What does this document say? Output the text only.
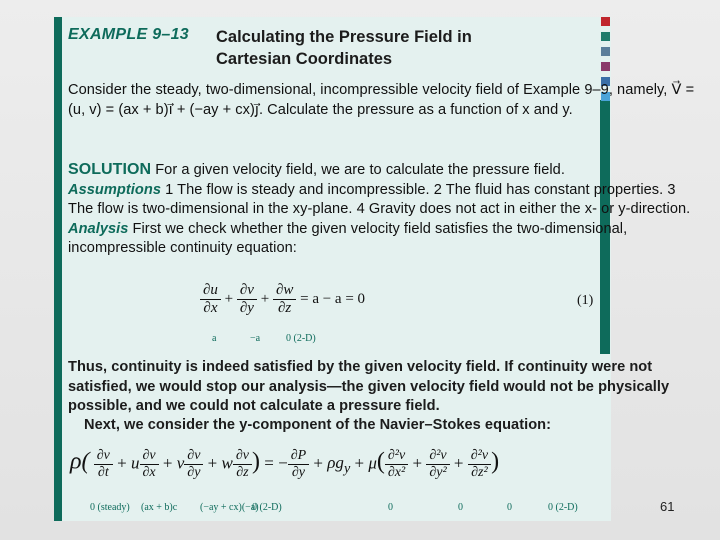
EXAMPLE 9–13 Calculating the Pressure Field in Cartesian Coordinates
Consider the steady, two-dimensional, incompressible velocity field of Example 9–9, namely, V⃗ = (u, v) = (ax + b)i⃗ + (−ay + cx)j⃗. Calculate the pressure as a function of x and y.
SOLUTION For a given velocity field, we are to calculate the pressure field.
Assumptions 1 The flow is steady and incompressible. 2 The fluid has constant properties. 3 The flow is two-dimensional in the xy-plane. 4 Gravity does not act in either the x- or y-direction.
Analysis First we check whether the given velocity field satisfies the two-dimensional, incompressible continuity equation:
$\frac{\partial u}{\partial x} + \frac{\partial v}{\partial y} + \frac{\partial w}{\partial z} = a - a = 0$	(1)
a	−a	0 (2-D)
Thus, continuity is indeed satisfied by the given velocity field. If continuity were not satisfied, we would stop our analysis—the given velocity field would not be physically possible, and we could not calculate a pressure field.
Next, we consider the y-component of the Navier–Stokes equation:
$\rho( \frac{\partial v}{\partial t} + u \frac{\partial v}{\partial x} + v \frac{\partial v}{\partial y} + w \frac{\partial v}{\partial z}$ ) = − $\frac{\partial P}{\partial y} + \rho g_y + \mu( \frac{\text{∂²v}}{\text{∂x²}} + \frac{\text{∂²v}}{\text{∂y²}} + \frac{\text{∂²v}}{\text{∂z²}}$ )
0 (steady) (ax + b)c (−ay + cx)(−a)
0 (2-D)	0	0	0	0 (2-D)	61
